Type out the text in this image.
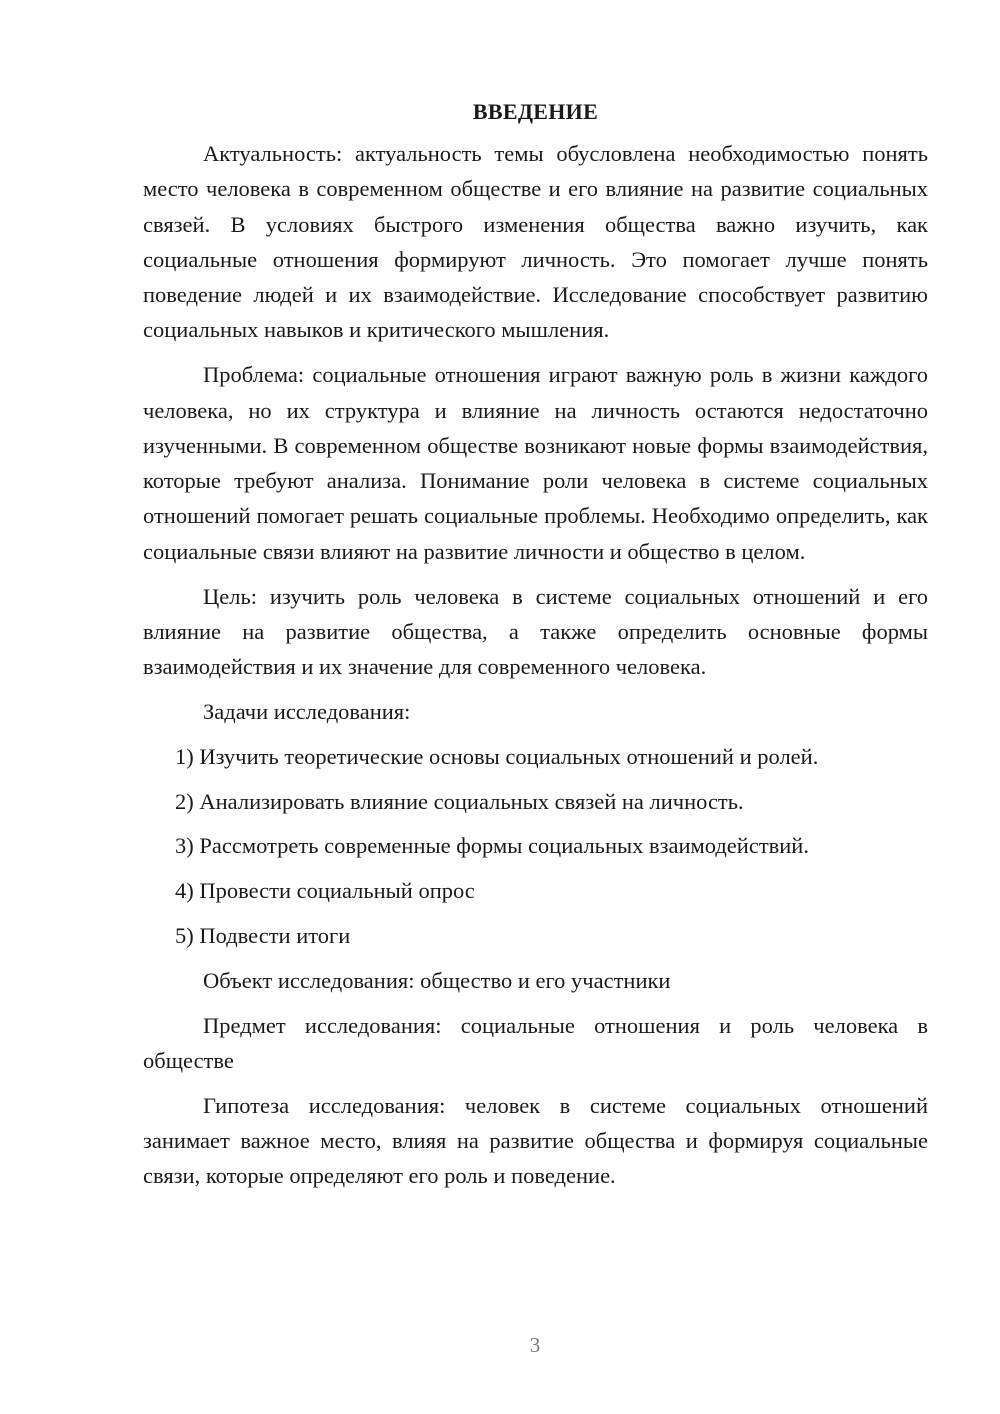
ВВЕДЕНИЕ

Актуальность: актуальность темы обусловлена необходимостью понять место человека в современном обществе и его влияние на развитие социальных связей. В условиях быстрого изменения общества важно изучить, как социальные отношения формируют личность. Это помогает лучше понять поведение людей и их взаимодействие. Исследование способствует развитию социальных навыков и критического мышления.

Проблема: социальные отношения играют важную роль в жизни каждого человека, но их структура и влияние на личность остаются недостаточно изученными. В современном обществе возникают новые формы взаимодействия, которые требуют анализа. Понимание роли человека в системе социальных отношений помогает решать социальные проблемы. Необходимо определить, как социальные связи влияют на развитие личности и общество в целом.

Цель: изучить роль человека в системе социальных отношений и его влияние на развитие общества, а также определить основные формы взаимодействия и их значение для современного человека.

Задачи исследования:

1) Изучить теоретические основы социальных отношений и ролей.

2) Анализировать влияние социальных связей на личность.

3) Рассмотреть современные формы социальных взаимодействий.

4) Провести социальный опрос

5) Подвести итоги

Объект исследования: общество и его участники

Предмет исследования: социальные отношения и роль человека в обществе

Гипотеза исследования: человек в системе социальных отношений занимает важное место, влияя на развитие общества и формируя социальные связи, которые определяют его роль и поведение.

3
